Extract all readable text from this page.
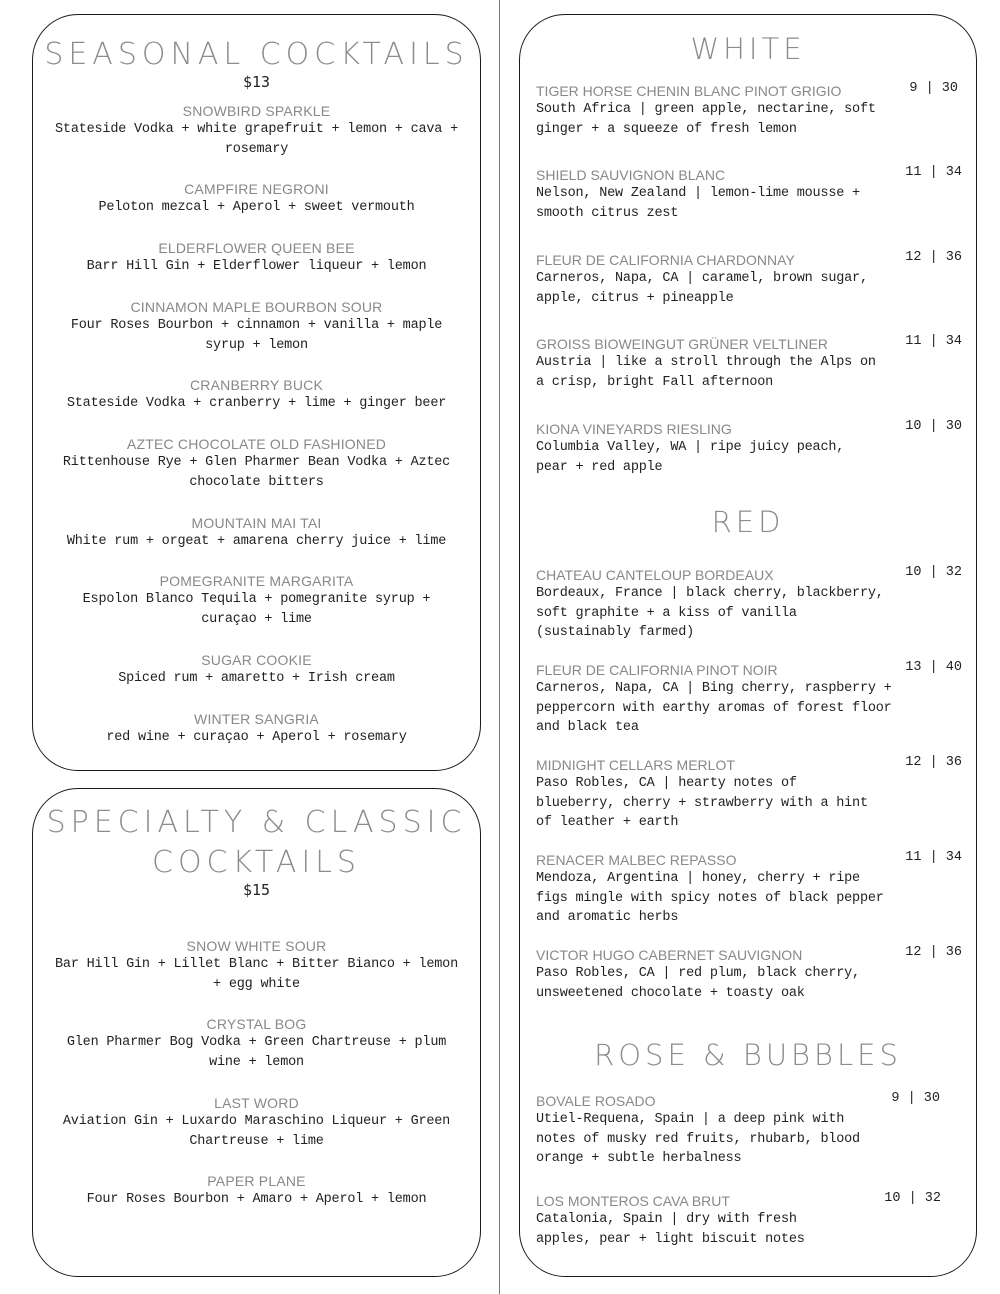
SEASONAL COCKTAILS
$13
SNOWBIRD SPARKLE
Stateside Vodka + white grapefruit + lemon + cava + rosemary
CAMPFIRE NEGRONI
Peloton mezcal + Aperol + sweet vermouth
ELDERFLOWER QUEEN BEE
Barr Hill Gin + Elderflower liqueur + lemon
CINNAMON MAPLE BOURBON SOUR
Four Roses Bourbon + cinnamon + vanilla + maple syrup + lemon
CRANBERRY BUCK
Stateside Vodka + cranberry + lime + ginger beer
AZTEC CHOCOLATE OLD FASHIONED
Rittenhouse Rye + Glen Pharmer Bean Vodka + Aztec chocolate bitters
MOUNTAIN MAI TAI
White rum + orgeat + amarena cherry juice + lime
POMEGRANITE MARGARITA
Espolon Blanco Tequila + pomegranite syrup + curaçao + lime
SUGAR COOKIE
Spiced rum + amaretto + Irish cream
WINTER SANGRIA
red wine + curaçao + Aperol + rosemary
SPECIALTY & CLASSIC
COCKTAILS
$15
SNOW WHITE SOUR
Bar Hill Gin + Lillet Blanc + Bitter Bianco + lemon + egg white
CRYSTAL BOG
Glen Pharmer Bog Vodka + Green Chartreuse + plum wine + lemon
LAST WORD
Aviation Gin + Luxardo Maraschino Liqueur + Green Chartreuse + lime
PAPER PLANE
Four Roses Bourbon + Amaro + Aperol + lemon
WHITE
TIGER HORSE CHENIN BLANC PINOT GRIGIO
South Africa | green apple, nectarine, soft ginger + a squeeze of fresh lemon
9 | 30
SHIELD SAUVIGNON BLANC
Nelson, New Zealand | lemon-lime mousse + smooth citrus zest
11 | 34
FLEUR DE CALIFORNIA CHARDONNAY
Carneros, Napa, CA | caramel, brown sugar, apple, citrus + pineapple
12 | 36
GROISS BIOWEINGUT GRÜNER VELTLINER
Austria | like a stroll through the Alps on a crisp, bright Fall afternoon
11 | 34
KIONA VINEYARDS RIESLING
Columbia Valley, WA | ripe juicy peach, pear + red apple
10 | 30
RED
CHATEAU CANTELOUP BORDEAUX
Bordeaux, France | black cherry, blackberry, soft graphite + a kiss of vanilla (sustainably farmed)
10 | 32
FLEUR DE CALIFORNIA PINOT NOIR
Carneros, Napa, CA | Bing cherry, raspberry + peppercorn with earthy aromas of forest floor and black tea
13 | 40
MIDNIGHT CELLARS MERLOT
Paso Robles, CA | hearty notes of blueberry, cherry + strawberry with a hint of leather + earth
12 | 36
RENACER MALBEC REPASSO
Mendoza, Argentina | honey, cherry + ripe figs mingle with spicy notes of black pepper and aromatic herbs
11 | 34
VICTOR HUGO CABERNET SAUVIGNON
Paso Robles, CA | red plum, black cherry, unsweetened chocolate + toasty oak
12 | 36
ROSE & BUBBLES
BOVALE ROSADO
Utiel-Requena, Spain | a deep pink with notes of musky red fruits, rhubarb, blood orange + subtle herbalness
9 | 30
LOS MONTEROS CAVA BRUT
Catalonia, Spain | dry with fresh apples, pear + light biscuit notes
10 | 32
